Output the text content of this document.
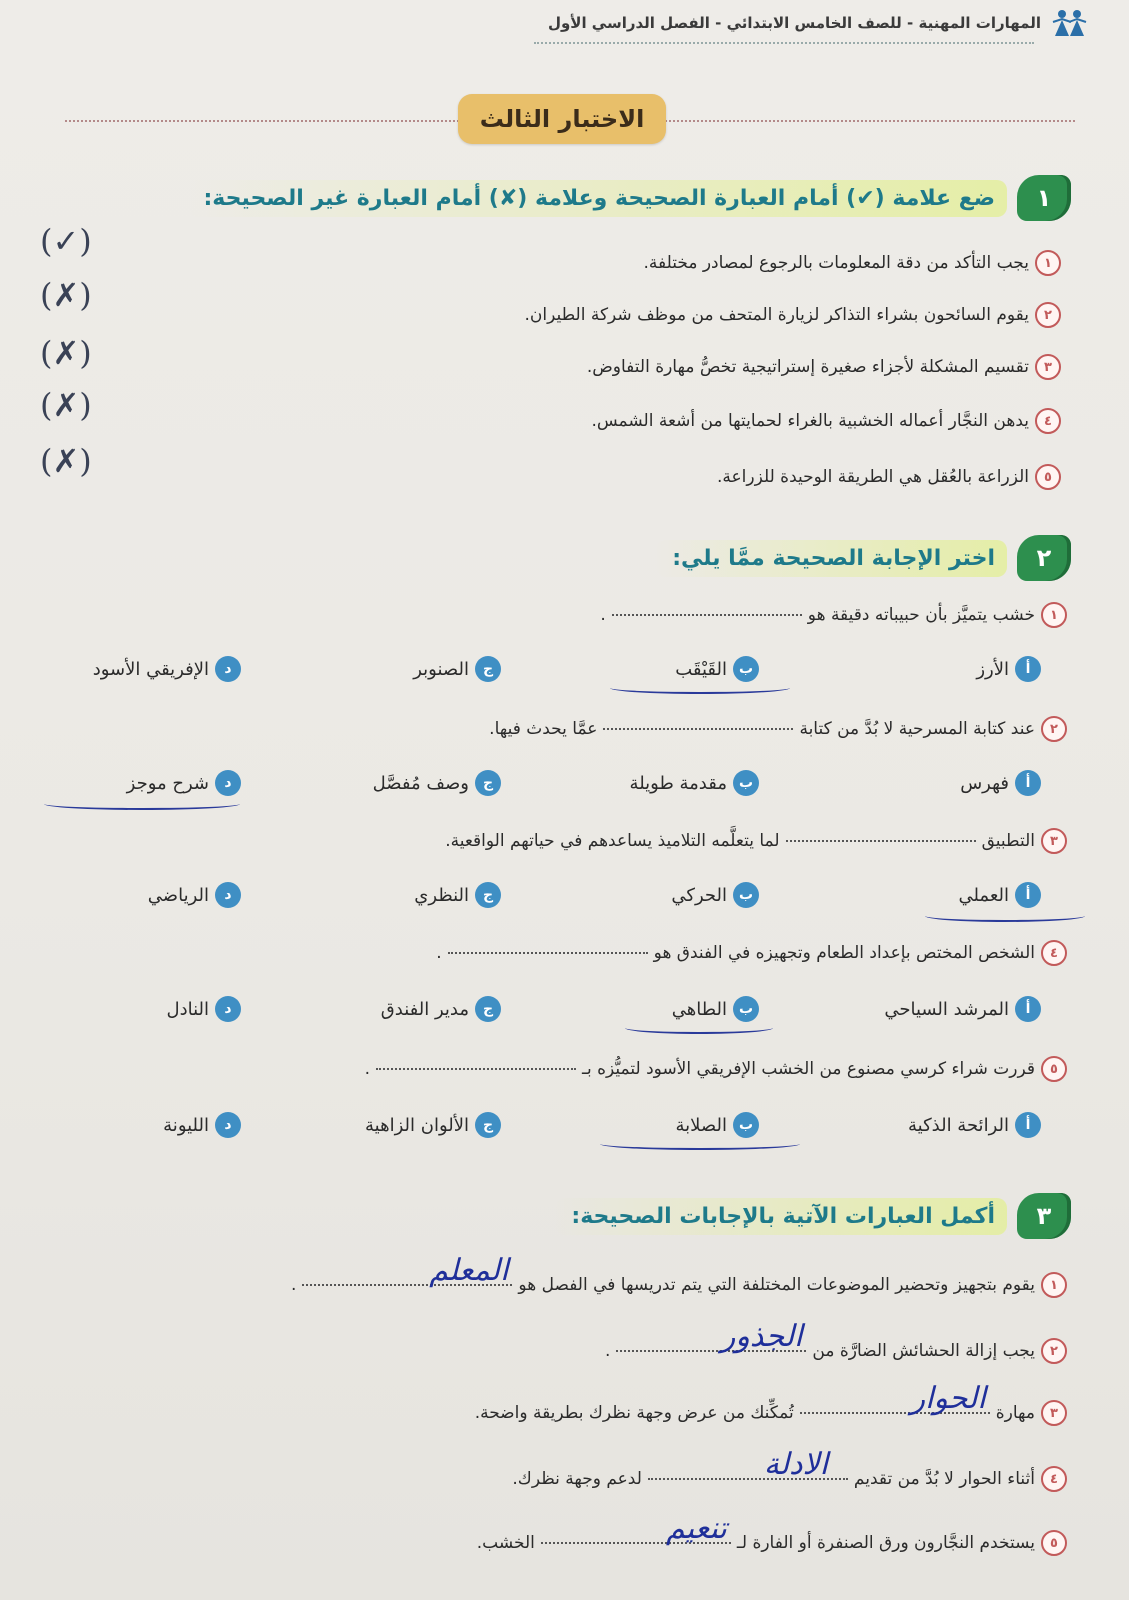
المهارات المهنية - للصف الخامس الابتدائي - الفصل الدراسي الأول
الاختبار الثالث
١
ضع علامة (✔) أمام العبارة الصحيحة وعلامة (✘) أمام العبارة غير الصحيحة:
١
يجب التأكد من دقة المعلومات بالرجوع لمصادر مختلفة.
(✓)
٢
يقوم السائحون بشراء التذاكر لزيارة المتحف من موظف شركة الطيران.
(✗)
٣
تقسيم المشكلة لأجزاء صغيرة إستراتيجية تخصُّ مهارة التفاوض.
(✗)
٤
يدهن النجَّار أعماله الخشبية بالغراء لحمايتها من أشعة الشمس.
(✗)
٥
الزراعة بالعُقل هي الطريقة الوحيدة للزراعة.
(✗)
٢
اختر الإجابة الصحيحة ممَّا يلي:
١
خشب يتميَّز بأن حبيباته دقيقة هو
.
أ
الأرز
ب
القَيْقَب
ج
الصنوبر
د
الإفريقي الأسود
٢
عند كتابة المسرحية لا بُدَّ من كتابة
عمَّا يحدث فيها.
أ
فهرس
ب
مقدمة طويلة
ج
وصف مُفصَّل
د
شرح موجز
٣
التطبيق
لما يتعلَّمه التلاميذ يساعدهم في حياتهم الواقعية.
أ
العملي
ب
الحركي
ج
النظري
د
الرياضي
٤
الشخص المختص بإعداد الطعام وتجهيزه في الفندق هو
.
أ
المرشد السياحي
ب
الطاهي
ج
مدير الفندق
د
النادل
٥
قررت شراء كرسي مصنوع من الخشب الإفريقي الأسود لتميُّزه بـ
.
أ
الرائحة الذكية
ب
الصلابة
ج
الألوان الزاهية
د
الليونة
٣
أكمل العبارات الآتية بالإجابات الصحيحة:
١
يقوم بتجهيز وتحضير الموضوعات المختلفة التي يتم تدريسها في الفصل هو
المعلم
.
٢
يجب إزالة الحشائش الضارَّة من
الجذور
.
٣
مهارة
الحوار
تُمكِّنك من عرض وجهة نظرك بطريقة واضحة.
٤
أثناء الحوار لا بُدَّ من تقديم
الادلة
لدعم وجهة نظرك.
٥
يستخدم النجَّارون ورق الصنفرة أو الفارة لـ
تنعيم
الخشب.
